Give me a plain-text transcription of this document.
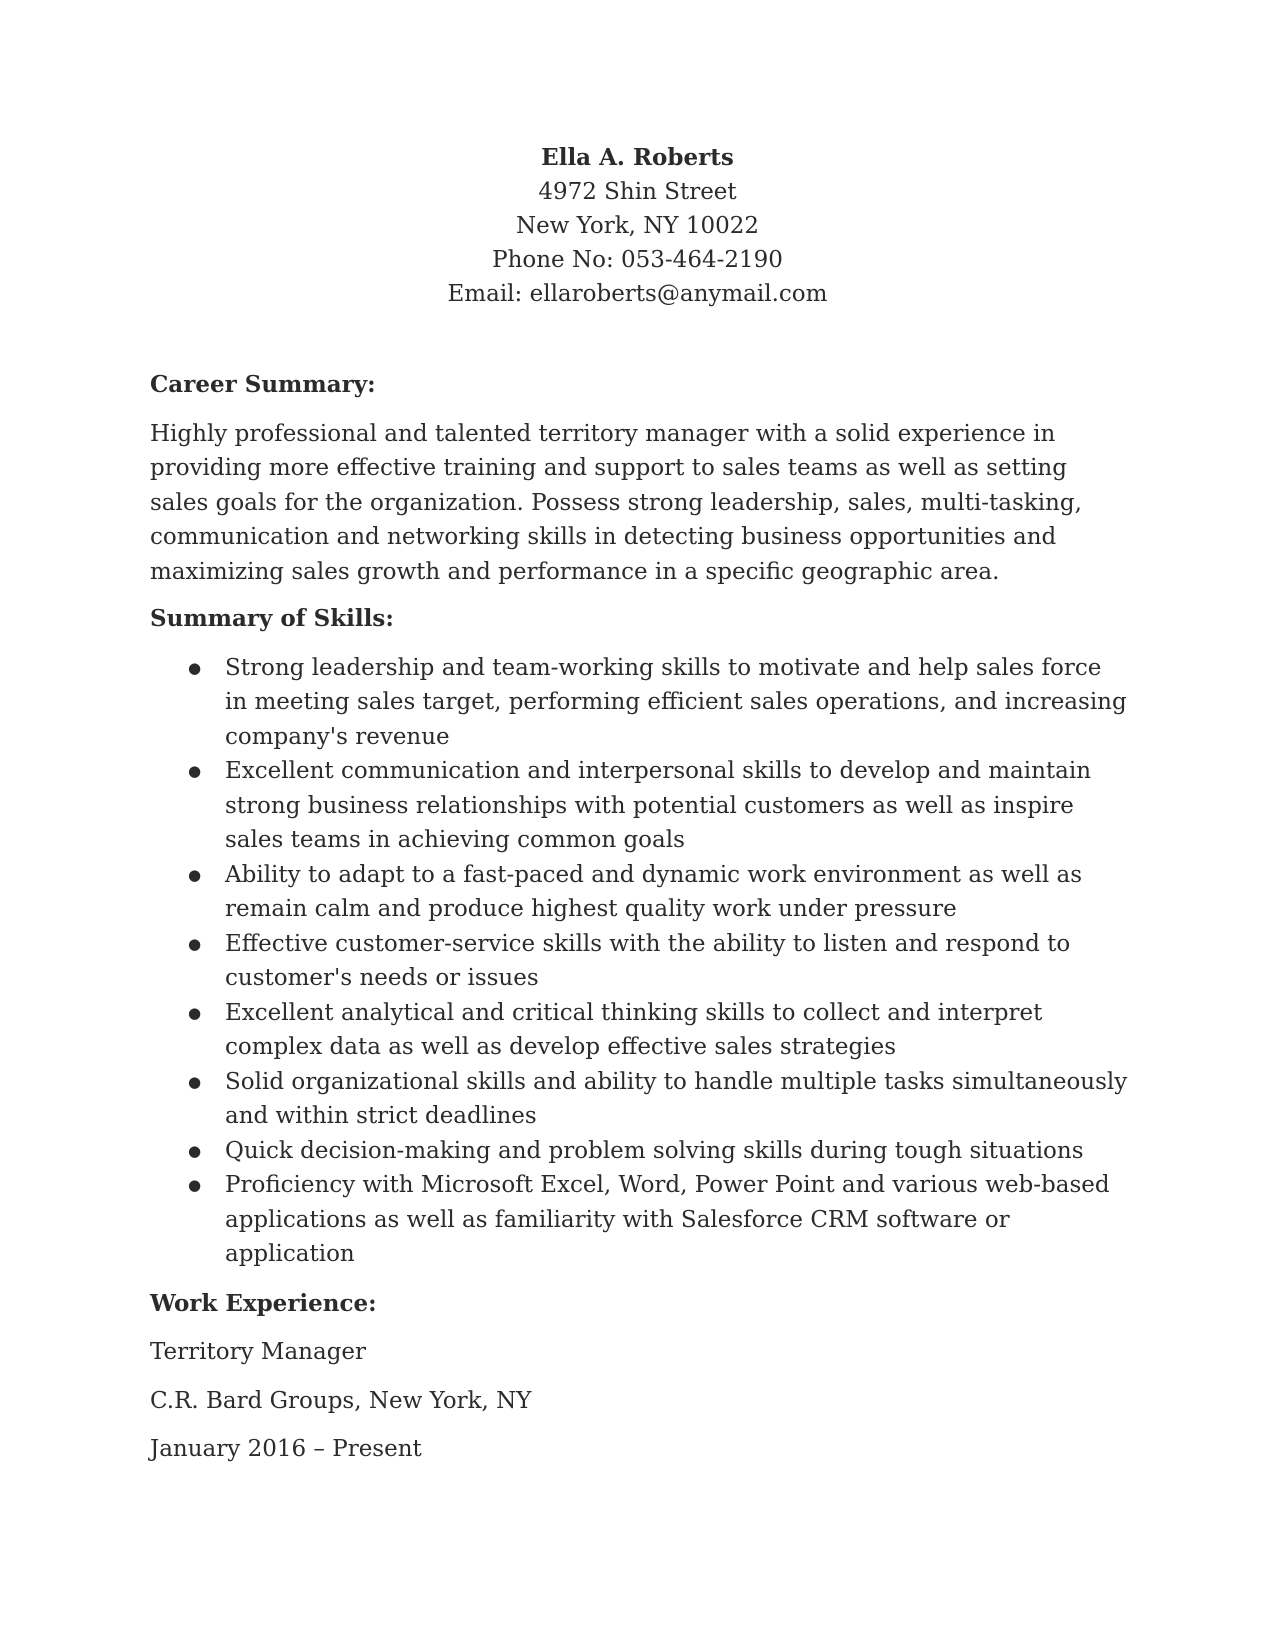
Ella A. Roberts
4972 Shin Street
New York, NY 10022
Phone No: 053-464-2190
Email: ellaroberts@anymail.com

Career Summary:

Highly professional and talented territory manager with a solid experience in providing more effective training and support to sales teams as well as setting sales goals for the organization. Possess strong leadership, sales, multi-tasking, communication and networking skills in detecting business opportunities and maximizing sales growth and performance in a specific geographic area.

Summary of Skills:

● Strong leadership and team-working skills to motivate and help sales force in meeting sales target, performing efficient sales operations, and increasing company's revenue
● Excellent communication and interpersonal skills to develop and maintain strong business relationships with potential customers as well as inspire sales teams in achieving common goals
● Ability to adapt to a fast-paced and dynamic work environment as well as remain calm and produce highest quality work under pressure
● Effective customer-service skills with the ability to listen and respond to customer's needs or issues
● Excellent analytical and critical thinking skills to collect and interpret complex data as well as develop effective sales strategies
● Solid organizational skills and ability to handle multiple tasks simultaneously and within strict deadlines
● Quick decision-making and problem solving skills during tough situations
● Proficiency with Microsoft Excel, Word, Power Point and various web-based applications as well as familiarity with Salesforce CRM software or application

Work Experience:

Territory Manager

C.R. Bard Groups, New York, NY

January 2016 – Present
